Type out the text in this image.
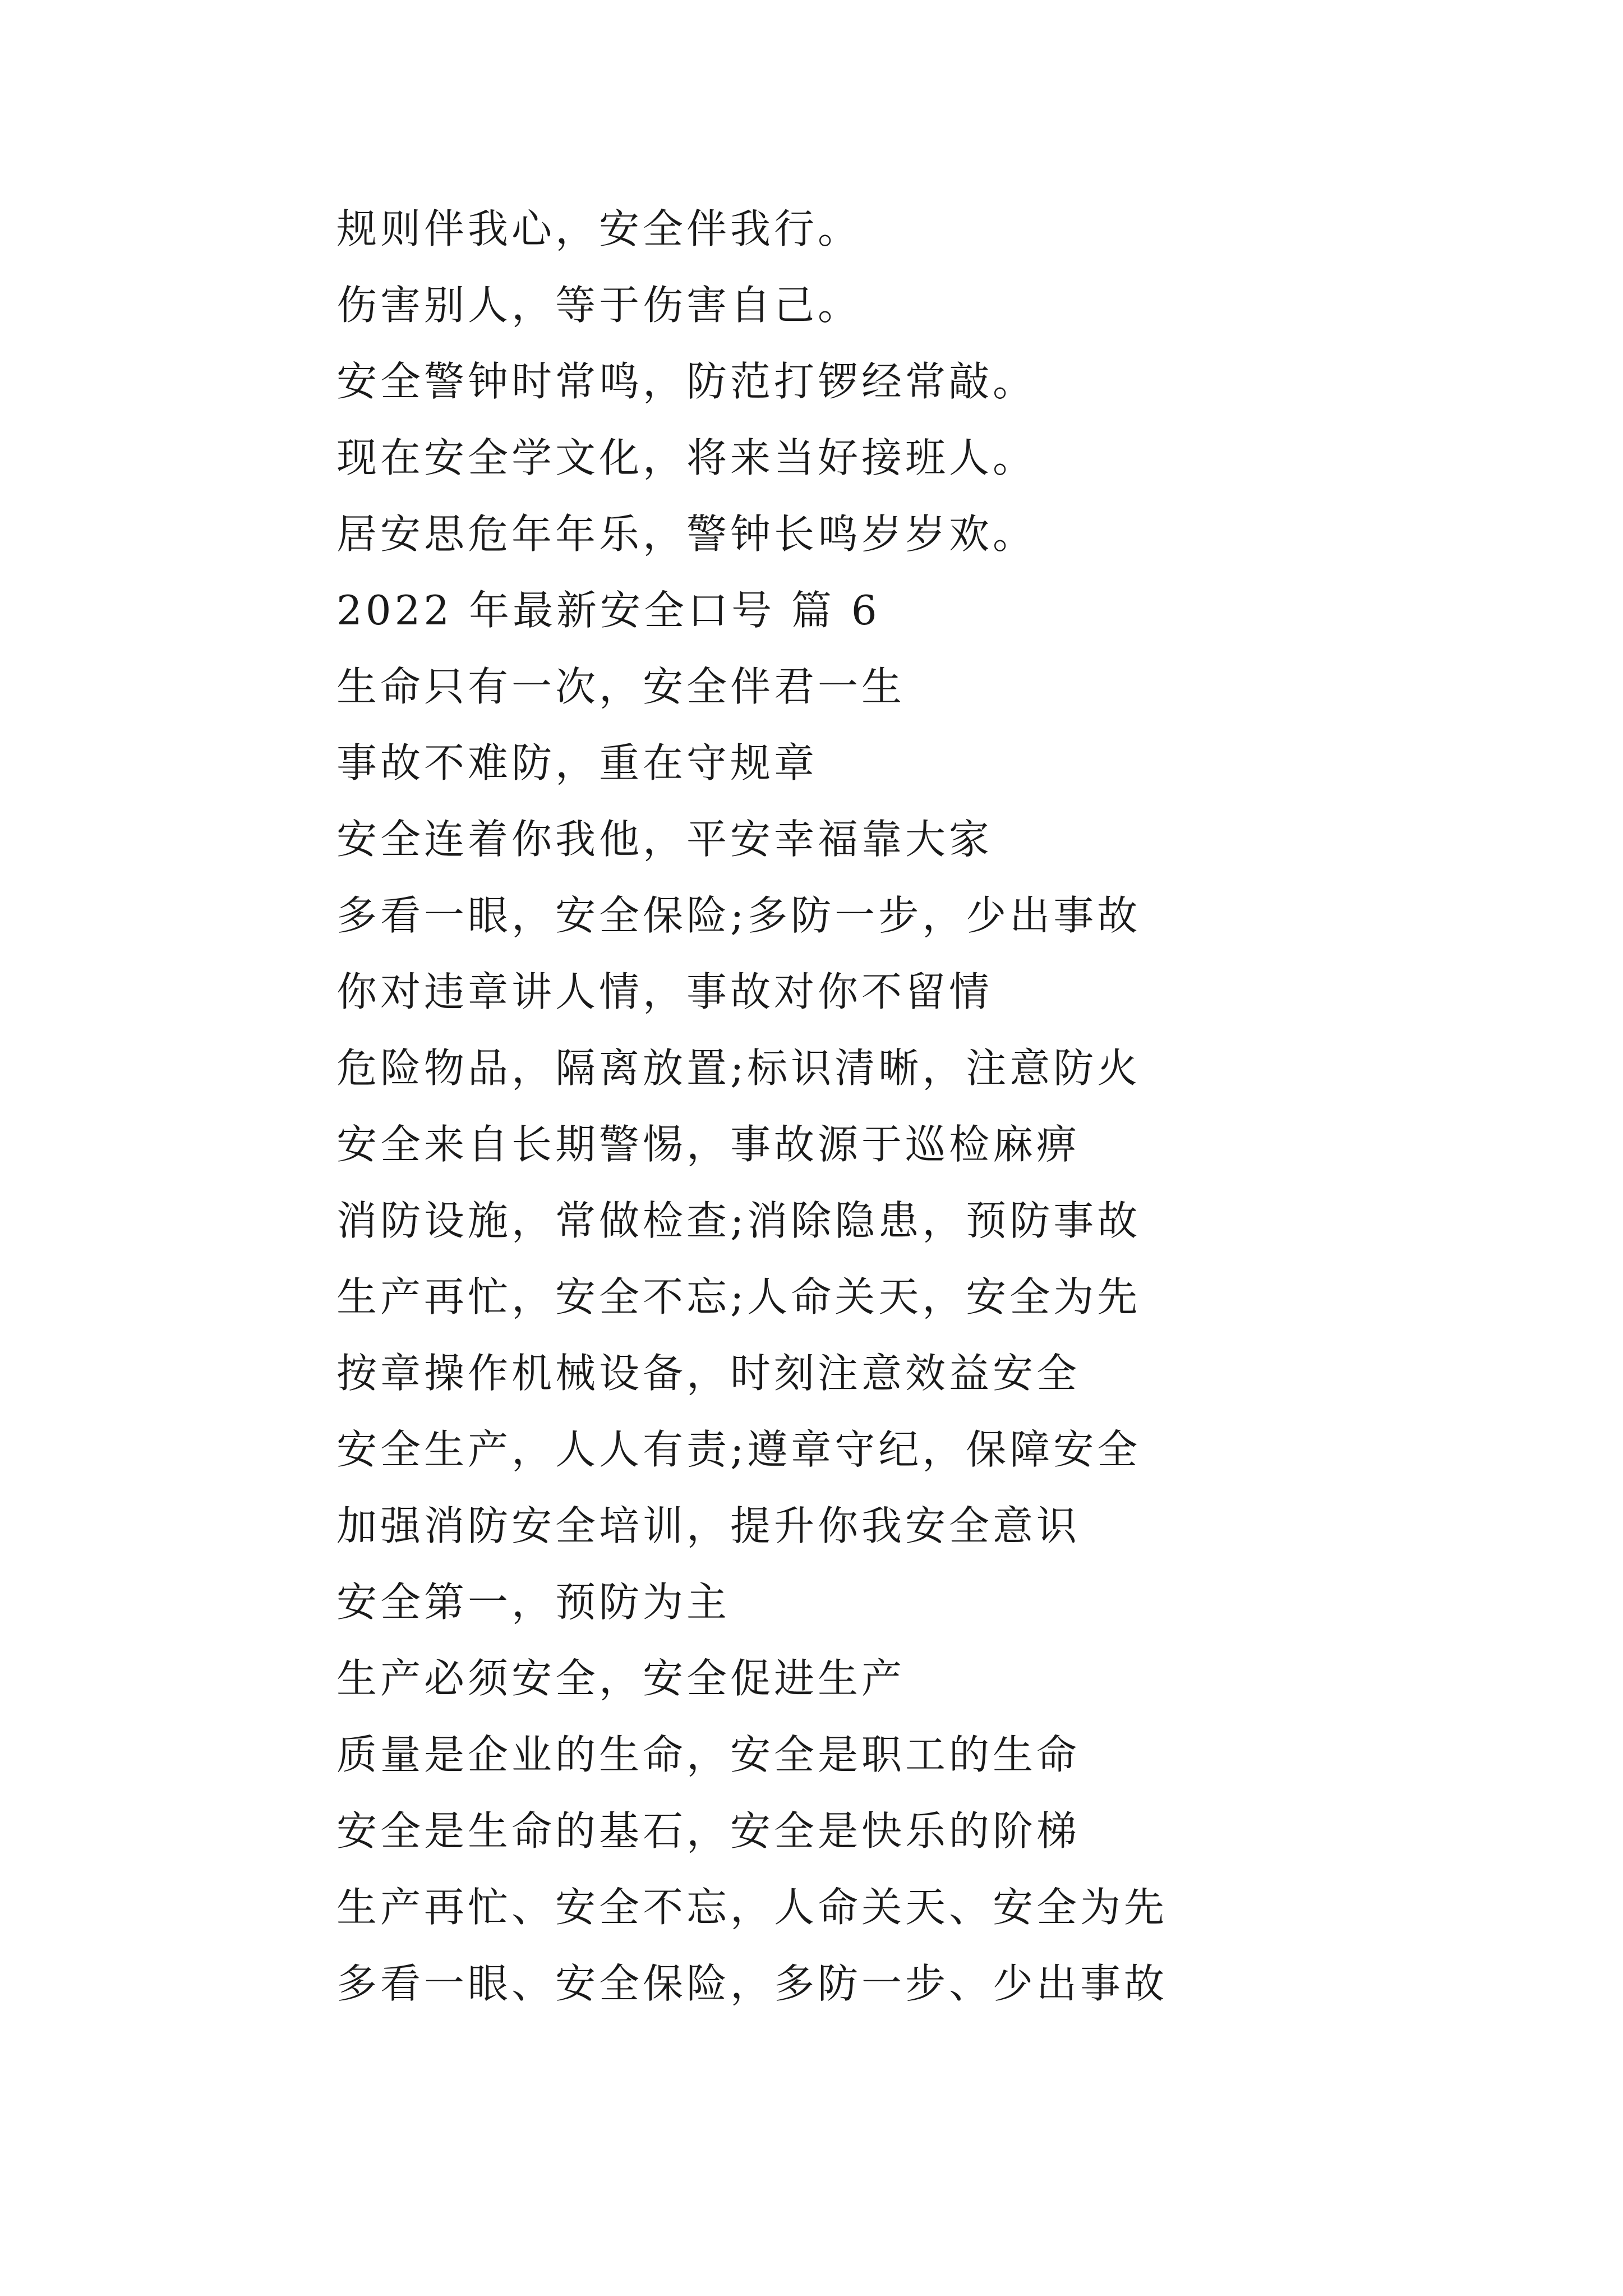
规则伴我心，安全伴我行。
伤害别人，等于伤害自己。
安全警钟时常鸣，防范打锣经常敲。
现在安全学文化，将来当好接班人。
居安思危年年乐，警钟长鸣岁岁欢。
2022 年最新安全口号 篇 6
生命只有一次，安全伴君一生
事故不难防，重在守规章
安全连着你我他，平安幸福靠大家
多看一眼，安全保险;多防一步，少出事故
你对违章讲人情，事故对你不留情
危险物品，隔离放置;标识清晰，注意防火
安全来自长期警惕，事故源于巡检麻痹
消防设施，常做检查;消除隐患，预防事故
生产再忙，安全不忘;人命关天，安全为先
按章操作机械设备，时刻注意效益安全
安全生产，人人有责;遵章守纪，保障安全
加强消防安全培训，提升你我安全意识
安全第一，预防为主
生产必须安全，安全促进生产
质量是企业的生命，安全是职工的生命
安全是生命的基石，安全是快乐的阶梯
生产再忙、安全不忘，人命关天、安全为先
多看一眼、安全保险，多防一步、少出事故
